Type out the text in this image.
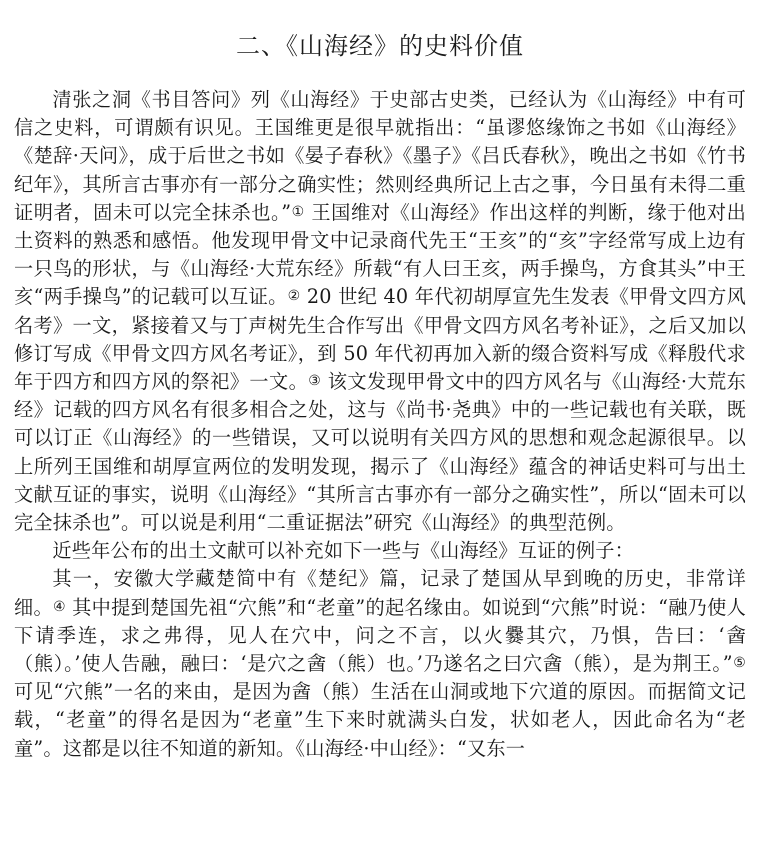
二、《山海经》的史料价值

清张之洞《书目答问》列《山海经》于史部古史类，已经认为《山海经》中有可信之史料，可谓颇有识见。王国维更是很早就指出：“虽谬悠缘饰之书如《山海经》《楚辞·天问》，成于后世之书如《晏子春秋》《墨子》《吕氏春秋》，晚出之书如《竹书纪年》，其所言古事亦有一部分之确实性；然则经典所记上古之事，今日虽有未得二重证明者，固未可以完全抹杀也。”① 王国维对《山海经》作出这样的判断，缘于他对出土资料的熟悉和感悟。他发现甲骨文中记录商代先王“王亥”的“亥”字经常写成上边有一只鸟的形状，与《山海经·大荒东经》所载“有人曰王亥，两手操鸟，方食其头”中王亥“两手操鸟”的记载可以互证。② 20 世纪 40 年代初胡厚宣先生发表《甲骨文四方风名考》一文，紧接着又与丁声树先生合作写出《甲骨文四方风名考补证》，之后又加以修订写成《甲骨文四方风名考证》，到 50 年代初再加入新的缀合资料写成《释殷代求年于四方和四方风的祭祀》一文。③ 该文发现甲骨文中的四方风名与《山海经·大荒东经》记载的四方风名有很多相合之处，这与《尚书·尧典》中的一些记载也有关联，既可以订正《山海经》的一些错误，又可以说明有关四方风的思想和观念起源很早。以上所列王国维和胡厚宣两位的发明发现，揭示了《山海经》蕴含的神话史料可与出土文献互证的事实，说明《山海经》“其所言古事亦有一部分之确实性”，所以“固未可以完全抹杀也”。可以说是利用“二重证据法”研究《山海经》的典型范例。

近些年公布的出土文献可以补充如下一些与《山海经》互证的例子：

其一，安徽大学藏楚简中有《楚纪》篇，记录了楚国从早到晚的历史，非常详细。④ 其中提到楚国先祖“穴熊”和“老童”的起名缘由。如说到“穴熊”时说：“融乃使人下请季连，求之弗得，见人在穴中，问之不言，以火爨其穴，乃惧，告曰：‘酓（熊）。’使人告融，融曰：‘是穴之酓（熊）也。’乃遂名之曰穴酓（熊），是为荆王。”⑤ 可见“穴熊”一名的来由，是因为酓（熊）生活在山洞或地下穴道的原因。而据简文记载，“老童”的得名是因为“老童”生下来时就满头白发，状如老人，因此命名为“老童”。这都是以往不知道的新知。《山海经·中山经》：“又东一
